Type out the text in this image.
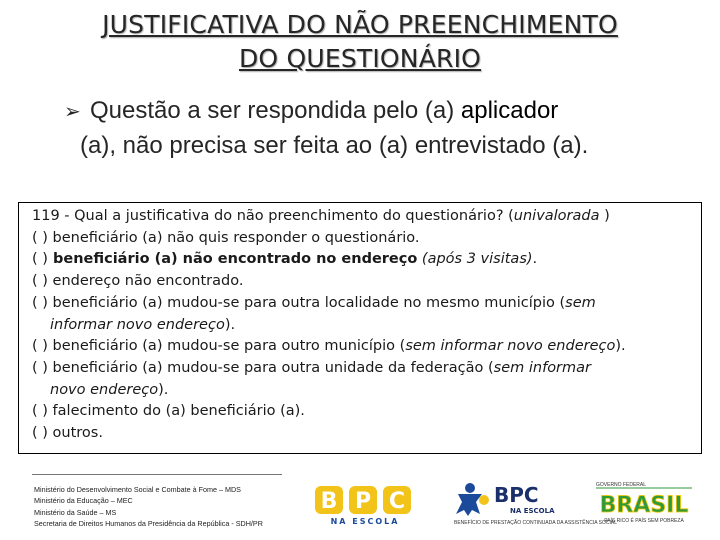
JUSTIFICATIVA DO NÃO PREENCHIMENTO
DO QUESTIONÁRIO
➢ Questão a ser respondida pelo (a) aplicador
(a), não precisa ser feita ao (a) entrevistado (a).
119 - Qual a justificativa do não preenchimento do questionário? (univalorada )
( ) beneficiário (a) não quis responder o questionário.
( ) beneficiário (a) não encontrado no endereço (após 3 visitas).
( ) endereço não encontrado.
( ) beneficiário (a) mudou-se para outra localidade no mesmo município (sem
informar novo endereço).
( ) beneficiário (a) mudou-se para outro município (sem informar novo endereço).
( ) beneficiário (a) mudou-se para outra unidade da federação (sem informar
novo endereço).
( ) falecimento do (a) beneficiário (a).
( ) outros.
Ministério do Desenvolvimento Social e Combate à Fome – MDS
Ministério da Educação – MEC
Ministério da Saúde – MS
Secretaria de Direitos Humanos da Presidência da República - SDH/PR
B P C
NA ESCOLA
BPC
NA ESCOLA
BENEFÍCIO DE PRESTAÇÃO CONTINUADA DA ASSISTÊNCIA SOCIAL
GOVERNO FEDERAL
BRASIL
PAÍS RICO É PAÍS SEM POBREZA
